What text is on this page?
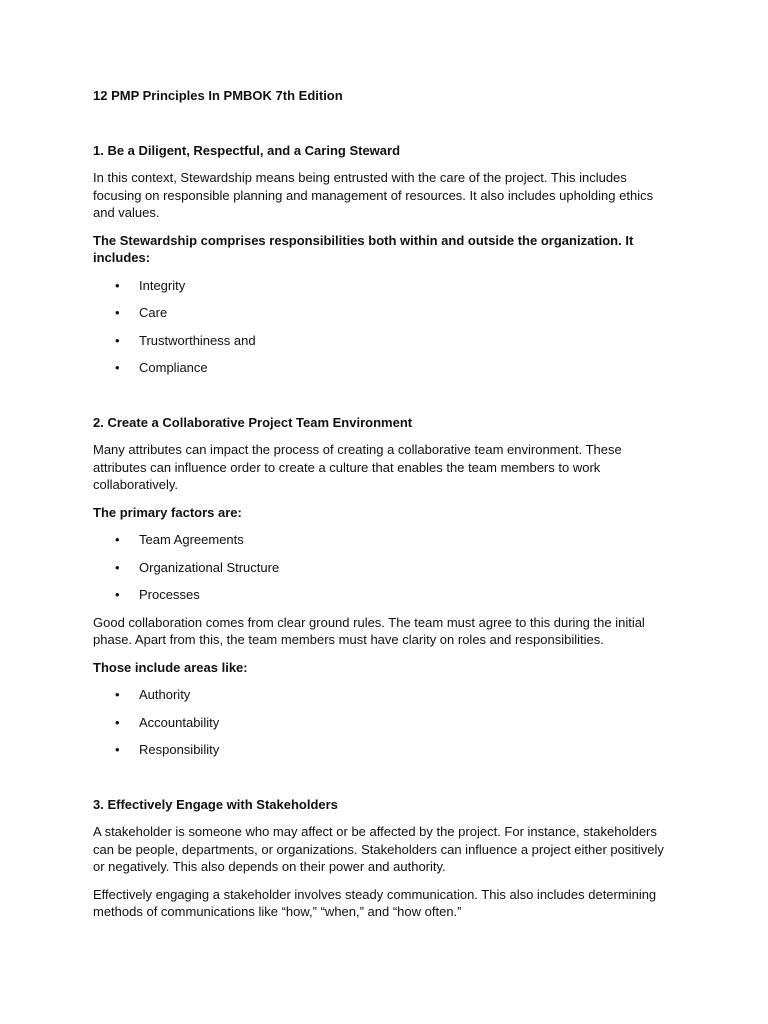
12 PMP Principles In PMBOK 7th Edition
1. Be a Diligent, Respectful, and a Caring Steward

In this context, Stewardship means being entrusted with the care of the project. This includes focusing on responsible planning and management of resources. It also includes upholding ethics and values.

The Stewardship comprises responsibilities both within and outside the organization. It includes:

• Integrity
• Care
• Trustworthiness and
• Compliance
2. Create a Collaborative Project Team Environment

Many attributes can impact the process of creating a collaborative team environment. These attributes can influence order to create a culture that enables the team members to work collaboratively.

The primary factors are:

• Team Agreements
• Organizational Structure
• Processes

Good collaboration comes from clear ground rules. The team must agree to this during the initial phase. Apart from this, the team members must have clarity on roles and responsibilities.

Those include areas like:

• Authority
• Accountability
• Responsibility
3. Effectively Engage with Stakeholders

A stakeholder is someone who may affect or be affected by the project. For instance, stakeholders can be people, departments, or organizations. Stakeholders can influence a project either positively or negatively. This also depends on their power and authority.

Effectively engaging a stakeholder involves steady communication. This also includes determining methods of communications like “how,” “when,” and “how often.”
